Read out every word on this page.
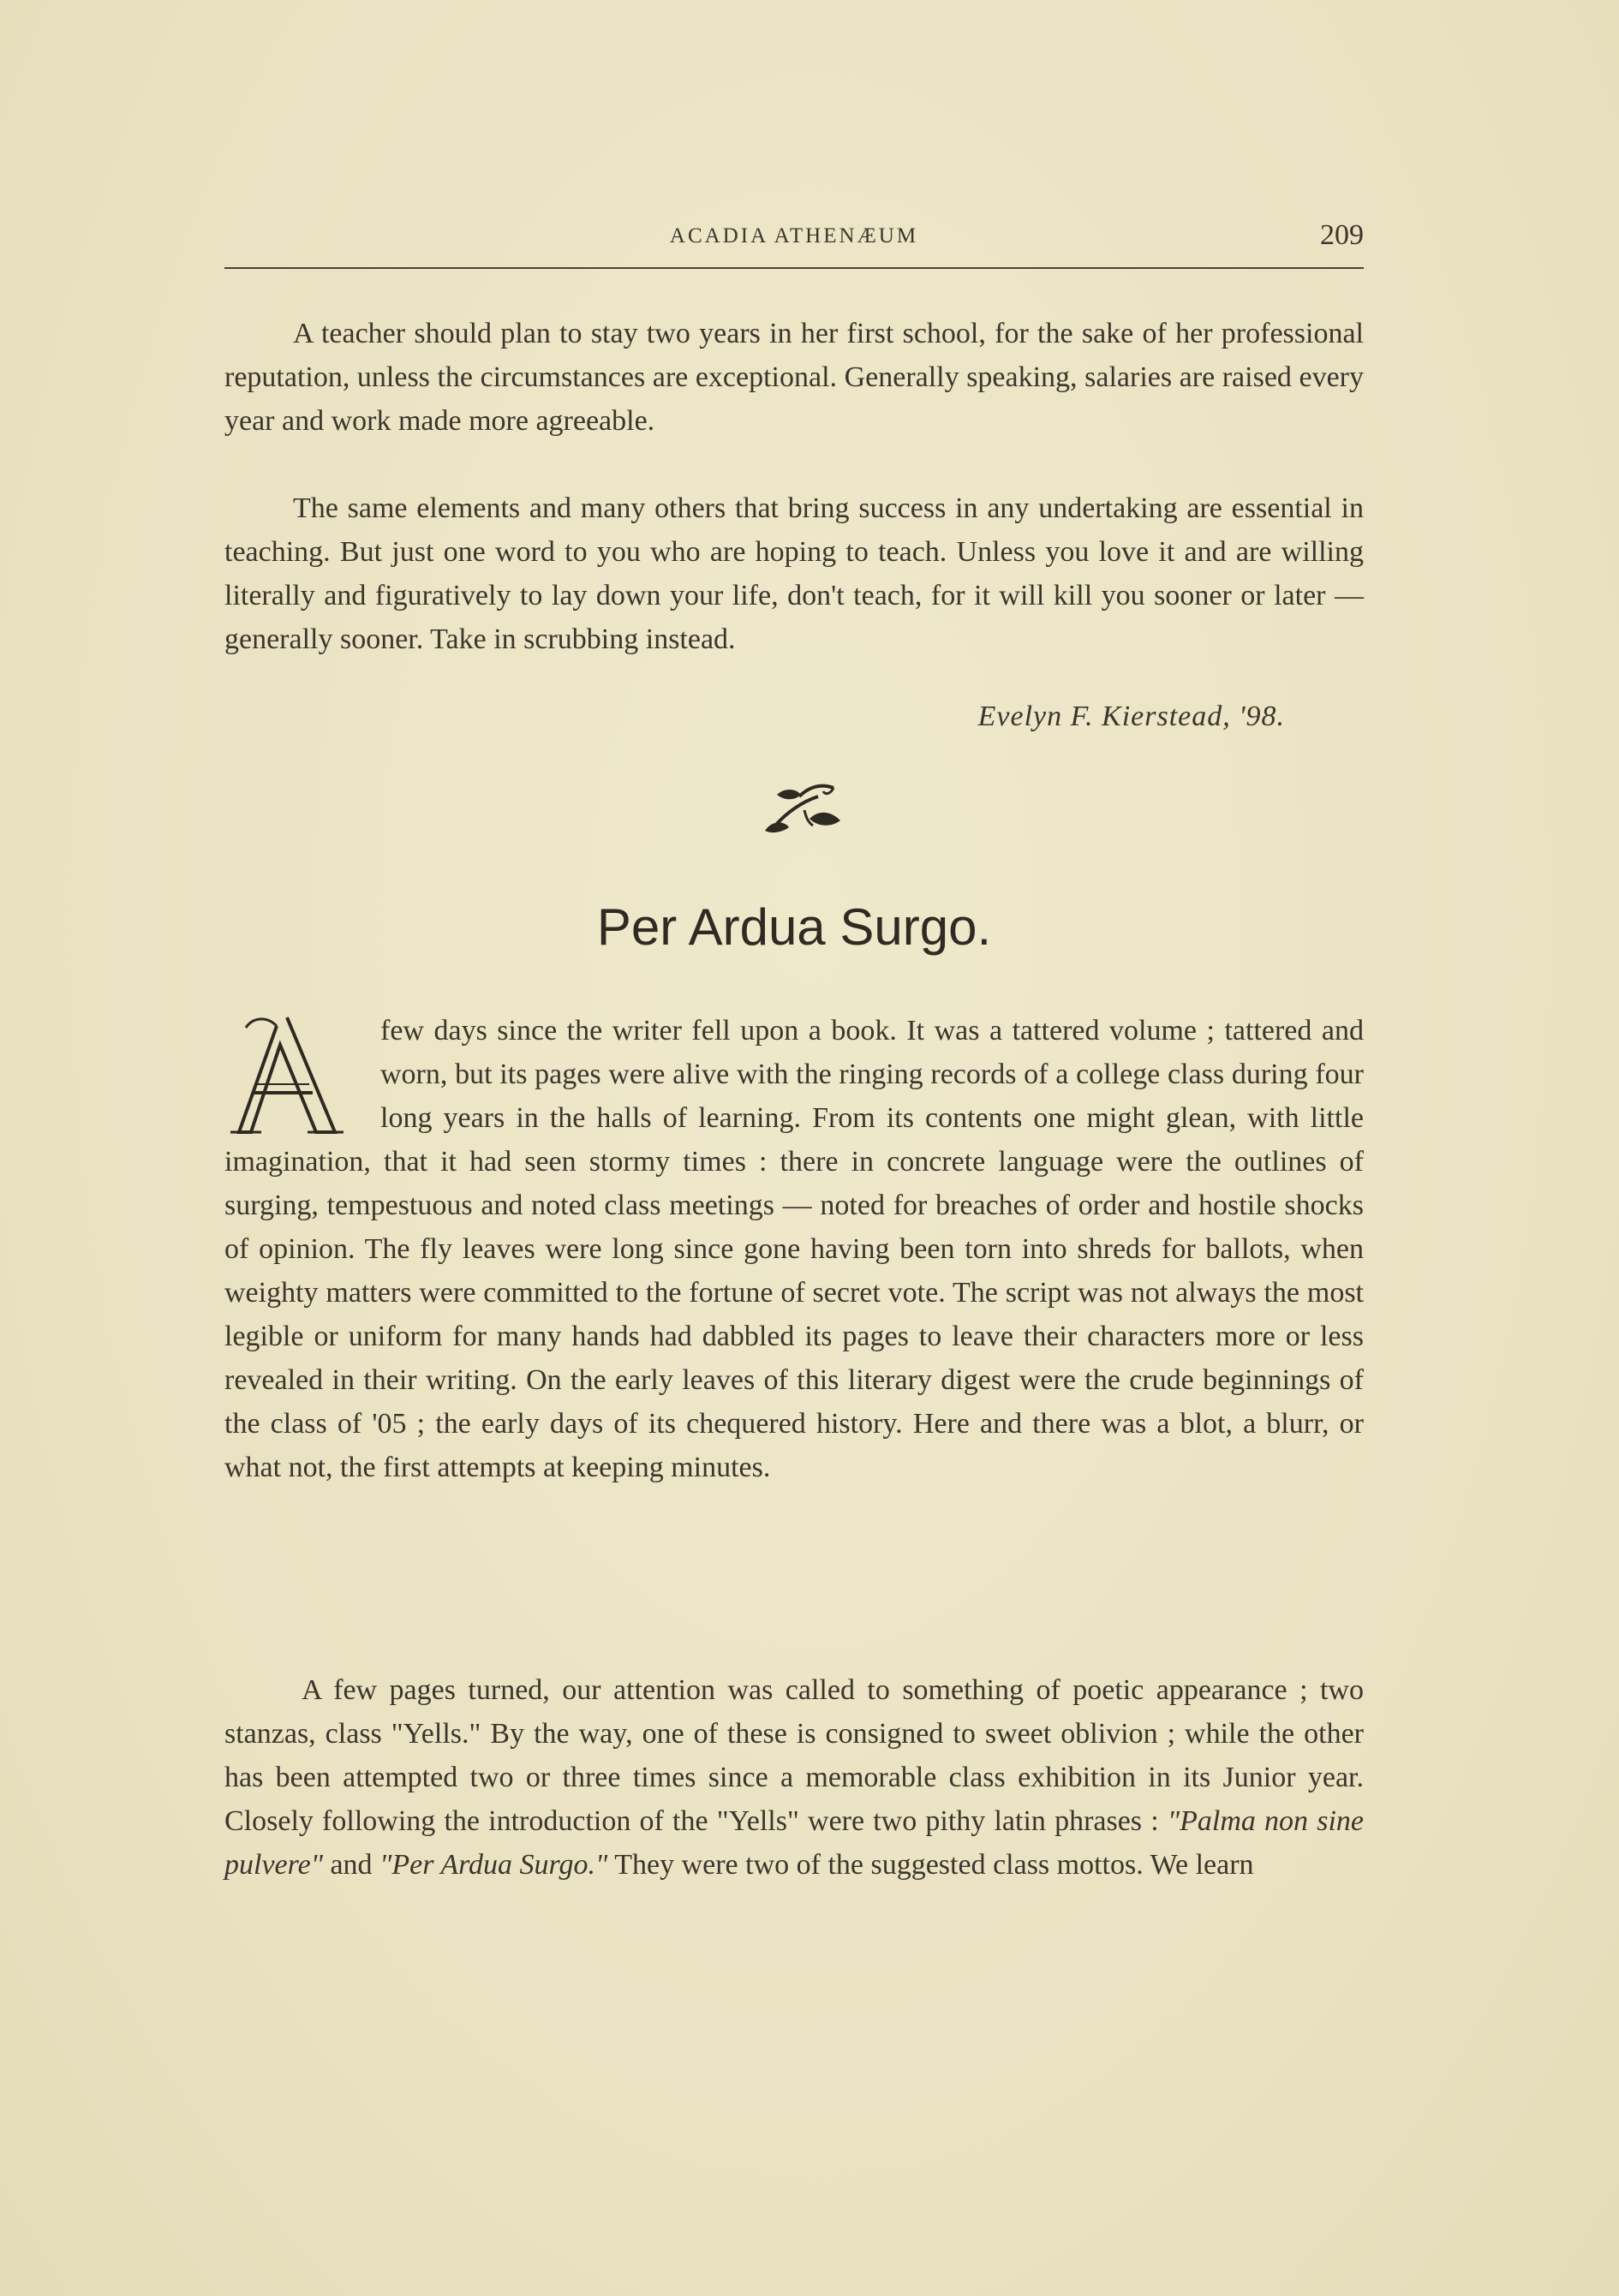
ACADIA ATHENÆUM	209

A teacher should plan to stay two years in her first school, for the sake of her professional reputation, unless the circumstances are exceptional. Generally speaking, salaries are raised every year and work made more agreeable.

The same elements and many others that bring success in any undertaking are essential in teaching. But just one word to you who are hoping to teach. Unless you love it and are willing literally and figuratively to lay down your life, don't teach, for it will kill you sooner or later — generally sooner. Take in scrubbing instead.

Evelyn F. Kierstead, '98.
Per Ardua Surgo.
A

few days since the writer fell upon a book. It was a tattered volume ; tattered and worn, but its pages were alive with the ringing records of a college class during four long years in the halls of learning. From its contents one might glean, with little imagination, that it had seen stormy times : there in concrete language were the outlines of surging, tempestuous and noted class meetings — noted for breaches of order and hostile shocks of opinion. The fly leaves were long since gone having been torn into shreds for ballots, when weighty matters were committed to the fortune of secret vote. The script was not always the most legible or uniform for many hands had dabbled its pages to leave their characters more or less revealed in their writing. On the early leaves of this literary digest were the crude beginnings of the class of '05 ; the early days of its chequered history. Here and there was a blot, a blurr, or what not, the first attempts at keeping minutes.

A few pages turned, our attention was called to something of poetic appearance ; two stanzas, class "Yells." By the way, one of these is consigned to sweet oblivion ; while the other has been attempted two or three times since a memorable class exhibition in its Junior year. Closely following the introduction of the "Yells" were two pithy latin phrases : "Palma non sine pulvere" and "Per Ardua Surgo." They were two of the suggested class mottos. We learn
